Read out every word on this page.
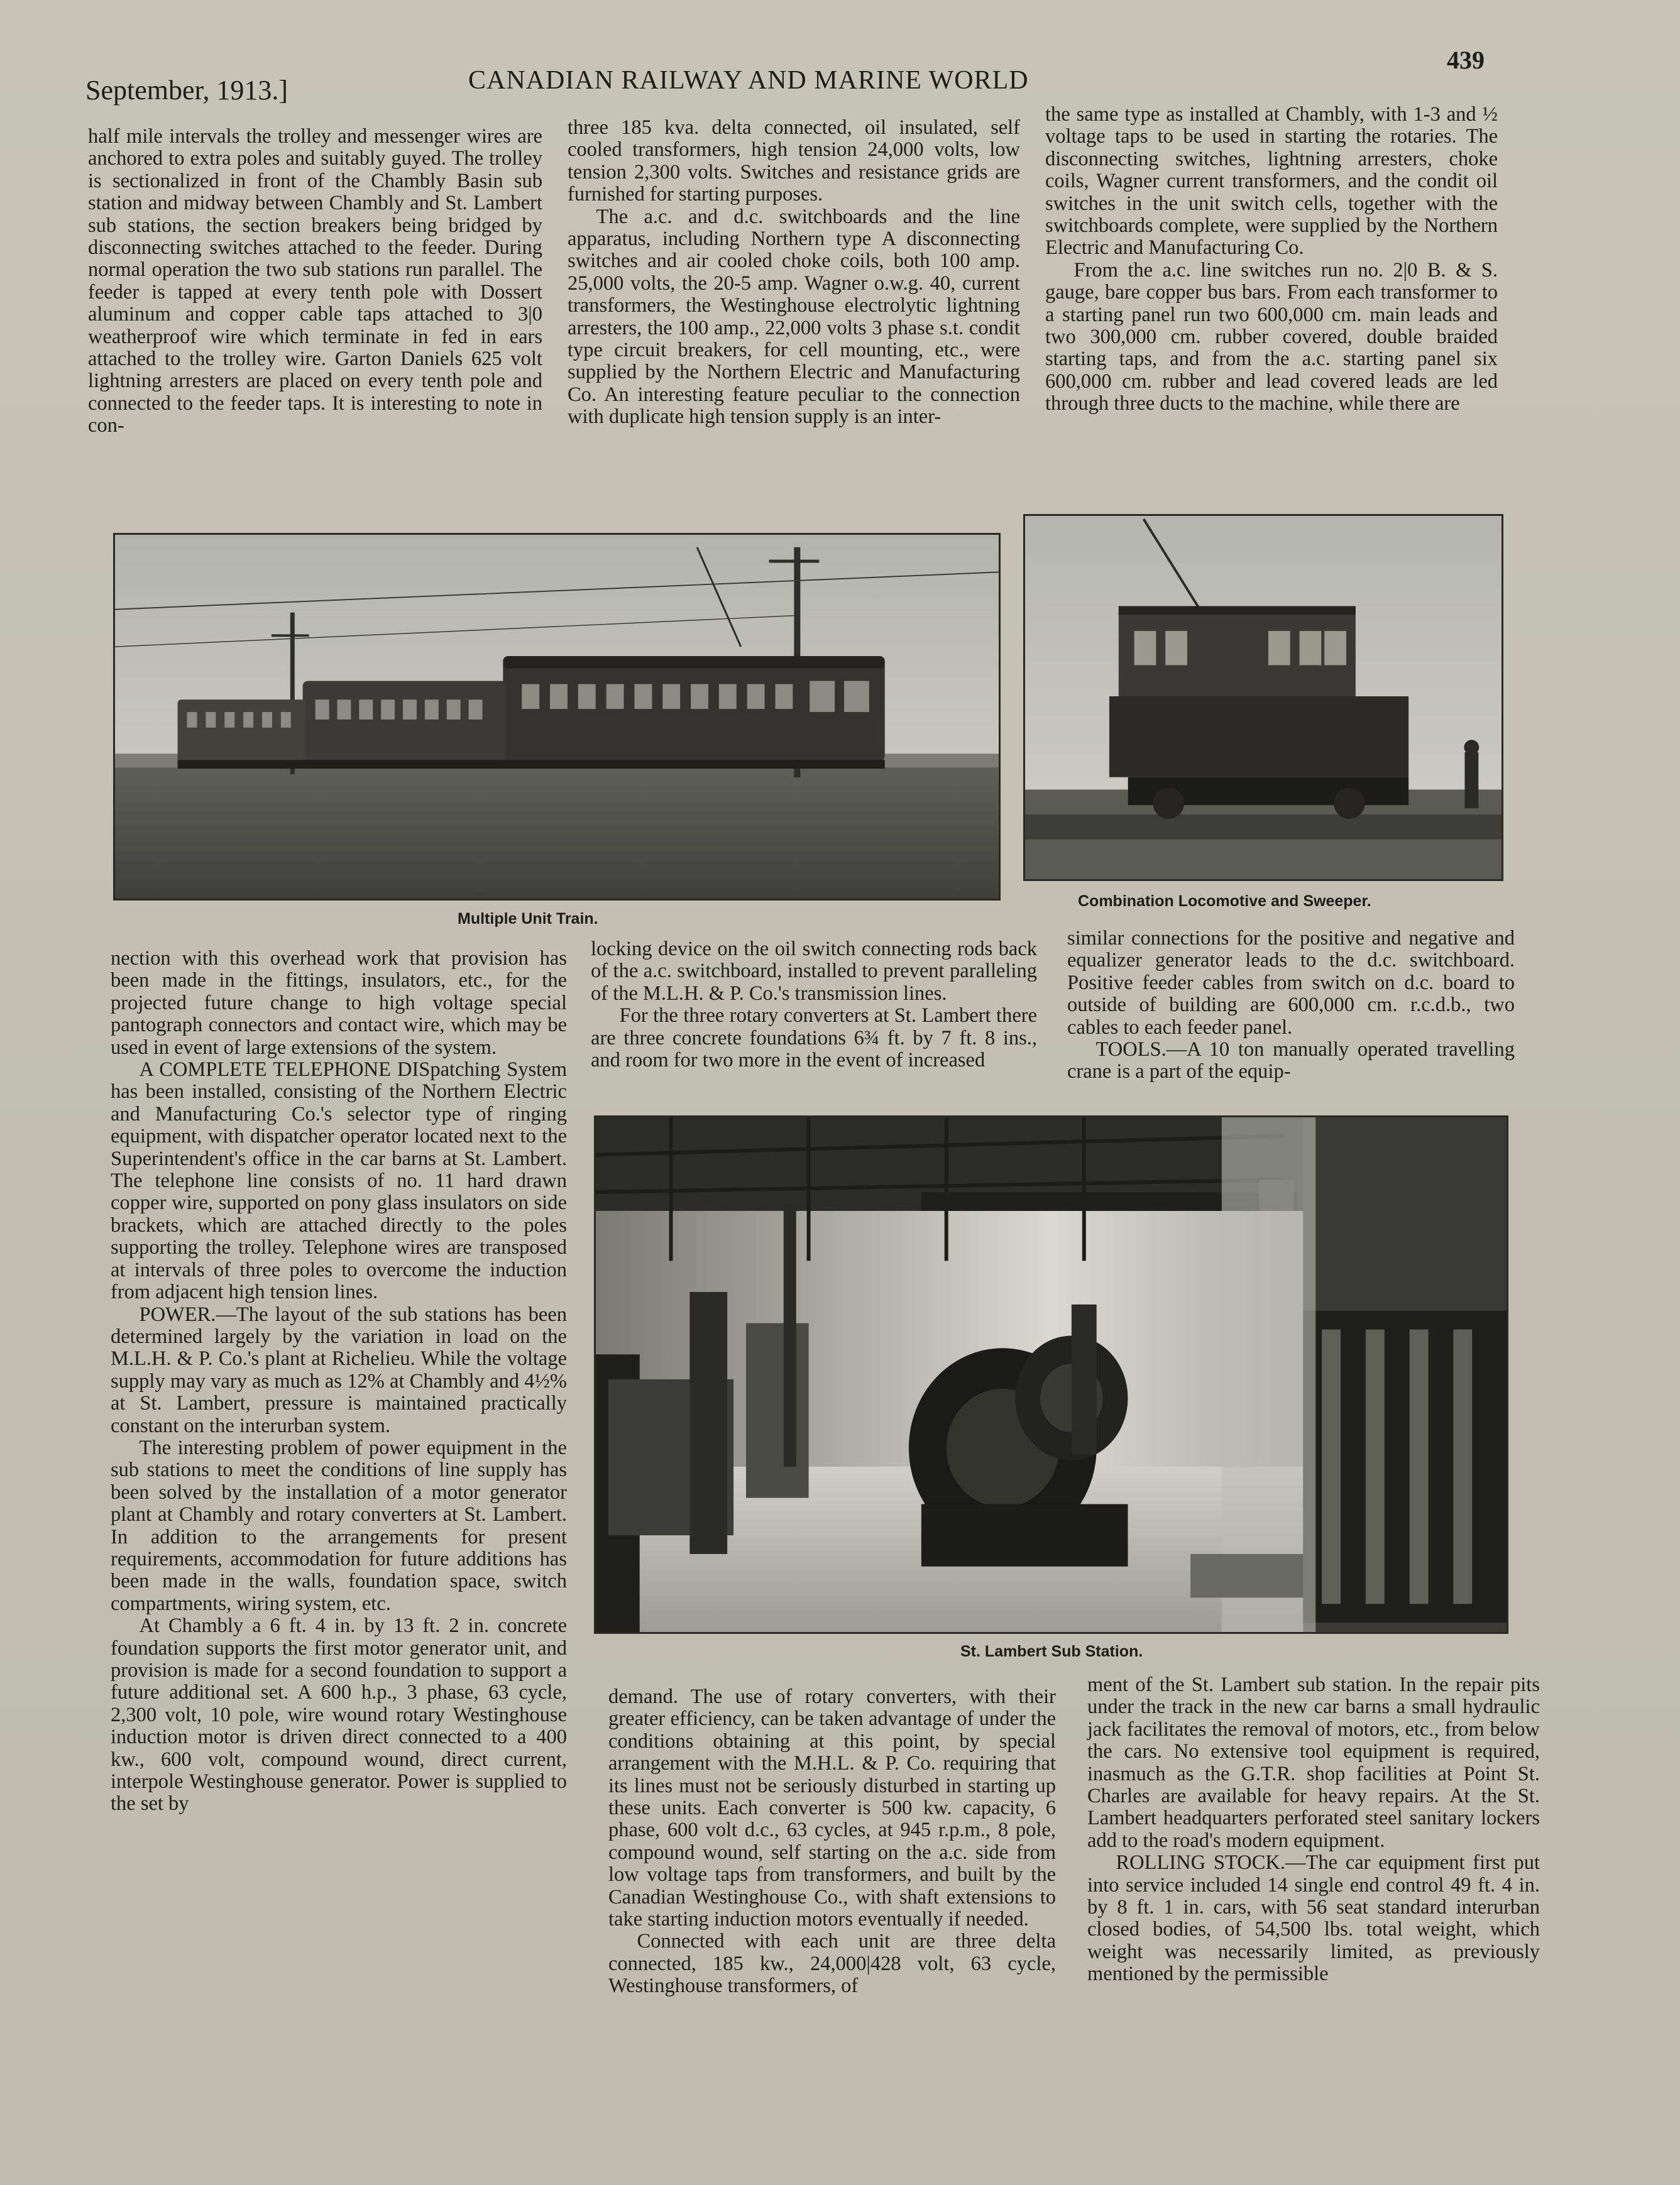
September, 1913.]	CANADIAN RAILWAY AND MARINE WORLD
439

half mile intervals the trolley and messenger wires are anchored to extra poles and suitably guyed. The trolley is sectionalized in front of the Chambly Basin sub station and midway between Chambly and St. Lambert sub stations, the section breakers being bridged by disconnecting switches attached to the feeder. During normal operation the two sub stations run parallel. The feeder is tapped at every tenth pole with Dossert aluminum and copper cable taps attached to 3|0 weatherproof wire which terminate in fed in ears attached to the trolley wire. Garton Daniels 625 volt lightning arresters are placed on every tenth pole and connected to the feeder taps. It is interesting to note in con-

three 185 kva. delta connected, oil insulated, self cooled transformers, high tension 24,000 volts, low tension 2,300 volts. Switches and resistance grids are furnished for starting purposes.

The a.c. and d.c. switchboards and the line apparatus, including Northern type A disconnecting switches and air cooled choke coils, both 100 amp. 25,000 volts, the 20-5 amp. Wagner o.w.g. 40, current transformers, the Westinghouse electrolytic lightning arresters, the 100 amp., 22,000 volts 3 phase s.t. condit type circuit breakers, for cell mounting, etc., were supplied by the Northern Electric and Manufacturing Co. An interesting feature peculiar to the connection with duplicate high tension supply is an inter-

the same type as installed at Chambly, with 1-3 and ½ voltage taps to be used in starting the rotaries. The disconnecting switches, lightning arresters, choke coils, Wagner current transformers, and the condit oil switches in the unit switch cells, together with the switchboards complete, were supplied by the Northern Electric and Manufacturing Co.

From the a.c. line switches run no. 2|0 B. & S. gauge, bare copper bus bars. From each transformer to a starting panel run two 600,000 cm. main leads and two 300,000 cm. rubber covered, double braided starting taps, and from the a.c. starting panel six 600,000 cm. rubber and lead covered leads are led through three ducts to the machine, while there are

Multiple Unit Train.
Combination Locomotive and Sweeper.

locking device on the oil switch connecting rods back of the a.c. switchboard, installed to prevent paralleling of the M.L.H. & P. Co.'s transmission lines.

For the three rotary converters at St. Lambert there are three concrete foundations 6¾ ft. by 7 ft. 8 ins., and room for two more in the event of increased

similar connections for the positive and negative and equalizer generator leads to the d.c. switchboard. Positive feeder cables from switch on d.c. board to outside of building are 600,000 cm. r.c.d.b., two cables to each feeder panel.

TOOLS.—A 10 ton manually operated travelling crane is a part of the equip-

nection with this overhead work that provision has been made in the fittings, insulators, etc., for the projected future change to high voltage special pantograph connectors and contact wire, which may be used in event of large extensions of the system.

A COMPLETE TELEPHONE DISpatching System has been installed, consisting of the Northern Electric and Manufacturing Co.'s selector type of ringing equipment, with dispatcher operator located next to the Superintendent's office in the car barns at St. Lambert. The telephone line consists of no. 11 hard drawn copper wire, supported on pony glass insulators on side brackets, which are attached directly to the poles supporting the trolley. Telephone wires are transposed at intervals of three poles to overcome the induction from adjacent high tension lines.

POWER.—The layout of the sub stations has been determined largely by the variation in load on the M.L.H. & P. Co.'s plant at Richelieu. While the voltage supply may vary as much as 12% at Chambly and 4½% at St. Lambert, pressure is maintained practically constant on the interurban system.

The interesting problem of power equipment in the sub stations to meet the conditions of line supply has been solved by the installation of a motor generator plant at Chambly and rotary converters at St. Lambert. In addition to the arrangements for present requirements, accommodation for future additions has been made in the walls, foundation space, switch compartments, wiring system, etc.

At Chambly a 6 ft. 4 in. by 13 ft. 2 in. concrete foundation supports the first motor generator unit, and provision is made for a second foundation to support a future additional set. A 600 h.p., 3 phase, 63 cycle, 2,300 volt, 10 pole, wire wound rotary Westinghouse induction motor is driven direct connected to a 400 kw., 600 volt, compound wound, direct current, interpole Westinghouse generator. Power is supplied to the set by

St. Lambert Sub Station.

demand. The use of rotary converters, with their greater efficiency, can be taken advantage of under the conditions obtaining at this point, by special arrangement with the M.H.L. & P. Co. requiring that its lines must not be seriously disturbed in starting up these units. Each converter is 500 kw. capacity, 6 phase, 600 volt d.c., 63 cycles, at 945 r.p.m., 8 pole, compound wound, self starting on the a.c. side from low voltage taps from transformers, and built by the Canadian Westinghouse Co., with shaft extensions to take starting induction motors eventually if needed.

Connected with each unit are three delta connected, 185 kw., 24,000|428 volt, 63 cycle, Westinghouse transformers, of

ment of the St. Lambert sub station. In the repair pits under the track in the new car barns a small hydraulic jack facilitates the removal of motors, etc., from below the cars. No extensive tool equipment is required, inasmuch as the G.T.R. shop facilities at Point St. Charles are available for heavy repairs. At the St. Lambert headquarters perforated steel sanitary lockers add to the road's modern equipment.

ROLLING STOCK.—The car equipment first put into service included 14 single end control 49 ft. 4 in. by 8 ft. 1 in. cars, with 56 seat standard interurban closed bodies, of 54,500 lbs. total weight, which weight was necessarily limited, as previously mentioned by the permissible
